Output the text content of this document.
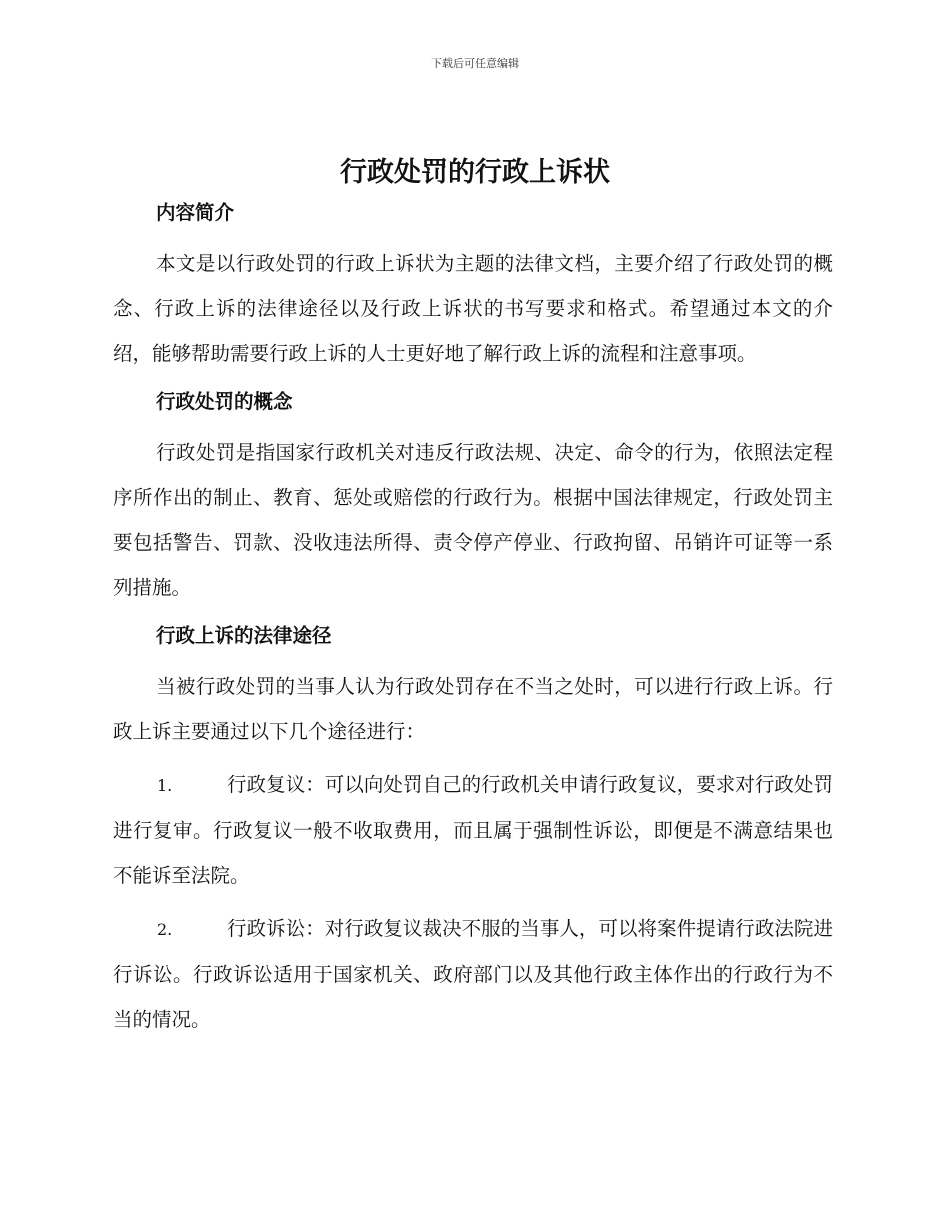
下载后可任意编辑
行政处罚的行政上诉状
内容简介

本文是以行政处罚的行政上诉状为主题的法律文档，主要介绍了行政处罚的概念、行政上诉的法律途径以及行政上诉状的书写要求和格式。希望通过本文的介绍，能够帮助需要行政上诉的人士更好地了解行政上诉的流程和注意事项。

行政处罚的概念

行政处罚是指国家行政机关对违反行政法规、决定、命令的行为，依照法定程序所作出的制止、教育、惩处或赔偿的行政行为。根据中国法律规定，行政处罚主要包括警告、罚款、没收违法所得、责令停产停业、行政拘留、吊销许可证等一系列措施。

行政上诉的法律途径

当被行政处罚的当事人认为行政处罚存在不当之处时，可以进行行政上诉。行政上诉主要通过以下几个途径进行：

1.	行政复议：可以向处罚自己的行政机关申请行政复议，要求对行政处罚进行复审。行政复议一般不收取费用，而且属于强制性诉讼，即便是不满意结果也不能诉至法院。

2.	行政诉讼：对行政复议裁决不服的当事人，可以将案件提请行政法院进行诉讼。行政诉讼适用于国家机关、政府部门以及其他行政主体作出的行政行为不当的情况。
